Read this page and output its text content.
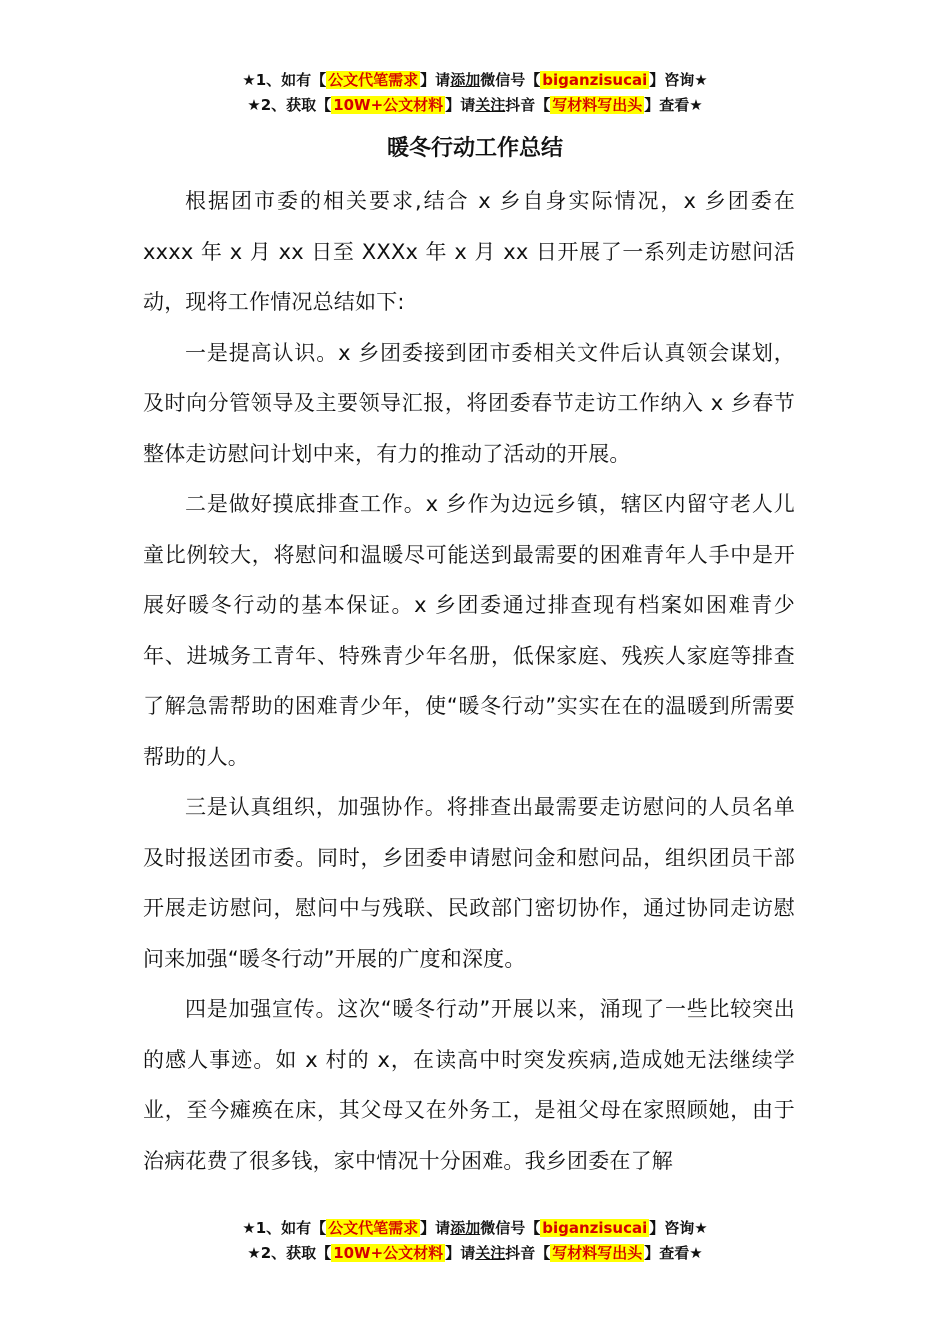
★1、如有【 公文代笔需求 】请添加微信号【 biganzisucai 】咨询★
★2、获取【 10W+公文材料 】请关注抖音【 写材料写出头 】查看★
暖冬行动工作总结

根据团市委的相关要求,结合 x 乡自身实际情况，x 乡团委在 xxxx 年 x 月 xx 日至 XXXx 年 x 月 xx 日开展了一系列走访慰问活动，现将工作情况总结如下:

一是提高认识。x 乡团委接到团市委相关文件后认真领会谋划，及时向分管领导及主要领导汇报，将团委春节走访工作纳入 x 乡春节整体走访慰问计划中来，有力的推动了活动的开展。

二是做好摸底排查工作。x 乡作为边远乡镇，辖区内留守老人儿童比例较大，将慰问和温暖尽可能送到最需要的困难青年人手中是开展好暖冬行动的基本保证。x 乡团委通过排查现有档案如困难青少年、进城务工青年、特殊青少年名册，低保家庭、残疾人家庭等排查了解急需帮助的困难青少年，使“暖冬行动”实实在在的温暖到所需要帮助的人。

三是认真组织，加强协作。将排查出最需要走访慰问的人员名单及时报送团市委。同时，乡团委申请慰问金和慰问品，组织团员干部开展走访慰问，慰问中与残联、民政部门密切协作，通过协同走访慰问来加强“暖冬行动”开展的广度和深度。

四是加强宣传。这次“暖冬行动”开展以来，涌现了一些比较突出的感人事迹。如 x 村的 x，在读高中时突发疾病,造成她无法继续学业，至今瘫痪在床，其父母又在外务工，是祖父母在家照顾她，由于治病花费了很多钱，家中情况十分困难。我乡团委在了解

★1、如有【 公文代笔需求 】请添加微信号【 biganzisucai 】咨询★
★2、获取【 10W+公文材料 】请关注抖音【 写材料写出头 】查看★
